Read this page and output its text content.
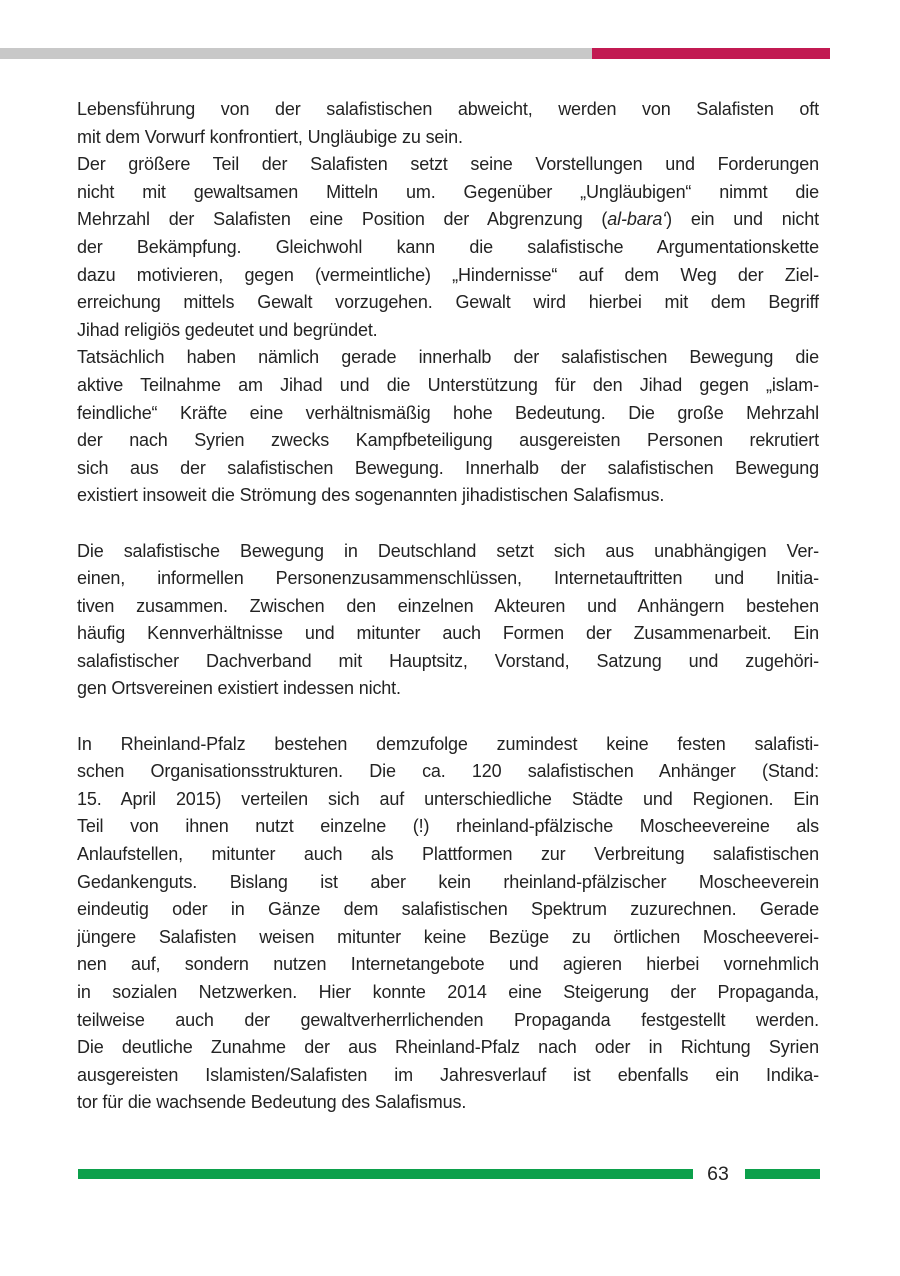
Lebensführung von der salafistischen abweicht, werden von Salafisten oft
mit dem Vorwurf konfrontiert, Ungläubige zu sein.

Der größere Teil der Salafisten setzt seine Vorstellungen und Forderungen
nicht mit gewaltsamen Mitteln um. Gegenüber „Ungläubigen“ nimmt die
Mehrzahl der Salafisten eine Position der Abgrenzung (al-bara‘) ein und nicht
der Bekämpfung. Gleichwohl kann die salafistische Argumentationskette
dazu motivieren, gegen (vermeintliche) „Hindernisse“ auf dem Weg der Ziel-
erreichung mittels Gewalt vorzugehen. Gewalt wird hierbei mit dem Begriff
Jihad religiös gedeutet und begründet.

Tatsächlich haben nämlich gerade innerhalb der salafistischen Bewegung die
aktive Teilnahme am Jihad und die Unterstützung für den Jihad gegen „islam-
feindliche“ Kräfte eine verhältnismäßig hohe Bedeutung. Die große Mehrzahl
der nach Syrien zwecks Kampfbeteiligung ausgereisten Personen rekrutiert
sich aus der salafistischen Bewegung. Innerhalb der salafistischen Bewegung
existiert insoweit die Strömung des sogenannten jihadistischen Salafismus.

Die salafistische Bewegung in Deutschland setzt sich aus unabhängigen Ver-
einen, informellen Personenzusammenschlüssen, Internetauftritten und Initia-
tiven zusammen. Zwischen den einzelnen Akteuren und Anhängern bestehen
häufig Kennverhältnisse und mitunter auch Formen der Zusammenarbeit. Ein
salafistischer Dachverband mit Hauptsitz, Vorstand, Satzung und zugehöri-
gen Ortsvereinen existiert indessen nicht.

In Rheinland-Pfalz bestehen demzufolge zumindest keine festen salafisti-
schen Organisationsstrukturen. Die ca. 120 salafistischen Anhänger (Stand:
15. April 2015) verteilen sich auf unterschiedliche Städte und Regionen. Ein
Teil von ihnen nutzt einzelne (!) rheinland-pfälzische Moscheevereine als
Anlaufstellen, mitunter auch als Plattformen zur Verbreitung salafistischen
Gedankenguts. Bislang ist aber kein rheinland-pfälzischer Moscheeverein
eindeutig oder in Gänze dem salafistischen Spektrum zuzurechnen. Gerade
jüngere Salafisten weisen mitunter keine Bezüge zu örtlichen Moscheeverei-
nen auf, sondern nutzen Internetangebote und agieren hierbei vornehmlich
in sozialen Netzwerken. Hier konnte 2014 eine Steigerung der Propaganda,
teilweise auch der gewaltverherrlichenden Propaganda festgestellt werden.
Die deutliche Zunahme der aus Rheinland-Pfalz nach oder in Richtung Syrien
ausgereisten Islamisten/Salafisten im Jahresverlauf ist ebenfalls ein Indika-
tor für die wachsende Bedeutung des Salafismus.

63
